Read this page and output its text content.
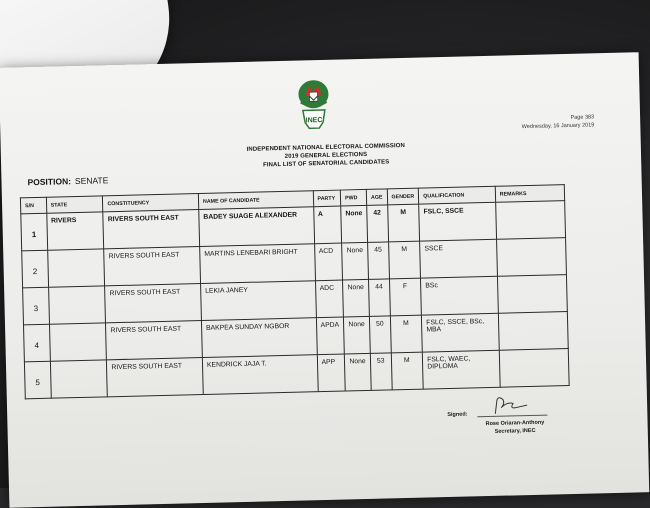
INEC	Page 383
Wednesday, 16 January 2019
INDEPENDENT NATIONAL ELECTORAL COMMISSION
2019 GENERAL ELECTIONS
FINAL LIST OF SENATORIAL CANDIDATES
POSITION: SENATE
S/N	STATE	CONSTITUENCY	NAME OF CANDIDATE	PARTY	PWD	AGE	GENDER	QUALIFICATION	REMARKS
1	RIVERS	RIVERS SOUTH EAST	BADEY SUAGE ALEXANDER	A	None	42	M	FSLC, SSCE	
2		RIVERS SOUTH EAST	MARTINS LENEBARI BRIGHT	ACD	None	45	M	SSCE	
3		RIVERS SOUTH EAST	LEKIA JANEY	ADC	None	44	F	BSc	
4		RIVERS SOUTH EAST	BAKPEA SUNDAY NGBOR	APDA	None	50	M	FSLC, SSCE, BSc, MBA	
5		RIVERS SOUTH EAST	KENDRICK JAJA T.	APP	None	53	M	FSLC, WAEC, DIPLOMA	
Signed:
Rose Oriaran-Anthony
Secretary, INEC
